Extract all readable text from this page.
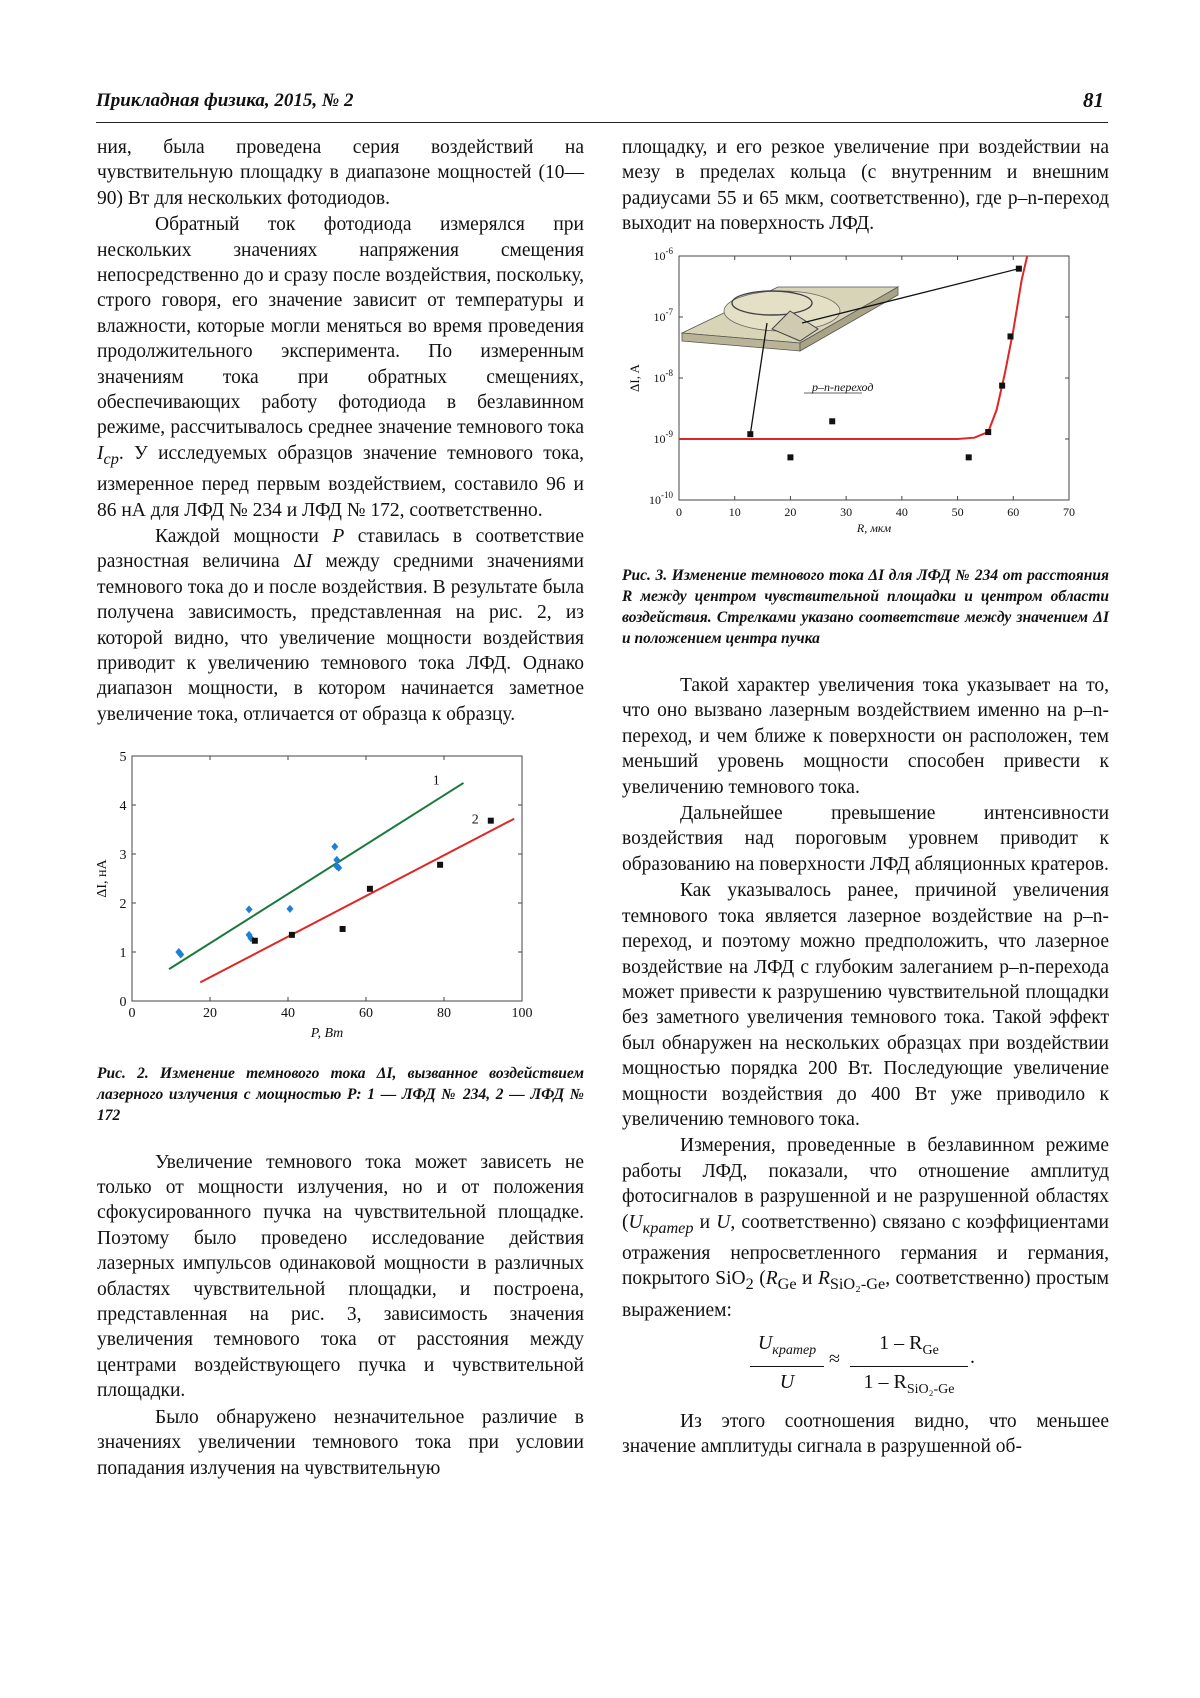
Прикладная физика, 2015, № 2	81

ния, была проведена серия воздействий на чувствительную площадку в диапазоне мощностей (10—90) Вт для нескольких фотодиодов.

Обратный ток фотодиода измерялся при нескольких значениях напряжения смещения непосредственно до и сразу после воздействия, поскольку, строго говоря, его значение зависит от температуры и влажности, которые могли меняться во время проведения продолжительного эксперимента. По измеренным значениям тока при обратных смещениях, обеспечивающих работу фотодиода в безлавинном режиме, рассчитывалось среднее значение темнового тока $I_{ср}$. У исследуемых образцов значение темнового тока, измеренное перед первым воздействием, составило 96 и 86 нА для ЛФД № 234 и ЛФД № 172, соответственно.

Каждой мощности P ставилась в соответствие разностная величина ΔI между средними значениями темнового тока до и после воздействия. В результате была получена зависимость, представленная на рис. 2, из которой видно, что увеличение мощности воздействия приводит к увеличению темнового тока ЛФД. Однако диапазон мощности, в котором начинается заметное увеличение тока, отличается от образца к образцу.

0	20	40	60	80	100
0
1
2
3
4
5
P, Вт
ΔI, нА
1
2
Рис. 2. Изменение темнового тока ΔI, вызванное воздействием лазерного излучения с мощностью P: 1 — ЛФД № 234, 2 — ЛФД № 172

Увеличение темнового тока может зависеть не только от мощности излучения, но и от положения сфокусированного пучка на чувствительной площадке. Поэтому было проведено исследование действия лазерных импульсов одинаковой мощности в различных областях чувствительной площадки, и построена, представленная на рис. 3, зависимость значения увеличения темнового тока от расстояния между центрами воздействующего пучка и чувствительной площадки.

Было обнаружено незначительное различие в значениях увеличении темнового тока при условии попадания излучения на чувствительную

площадку, и его резкое увеличение при воздействии на мезу в пределах кольца (с внутренним и внешним радиусами 55 и 65 мкм, соответственно), где p–n-переход выходит на поверхность ЛФД.

0	10	20	30	40	50	60	70
$10^{-10}$
$10^{-9}$
$10^{-8}$
$10^{-7}$
$10^{-6}$
R, мкм
ΔI, A	p–n-переход
Рис. 3. Изменение темнового тока ΔI для ЛФД № 234 от расстояния R между центром чувствительной площадки и центром области воздействия. Стрелками указано соответствие между значением ΔI и положением центра пучка

Такой характер увеличения тока указывает на то, что оно вызвано лазерным воздействием именно на p–n-переход, и чем ближе к поверхности он расположен, тем меньший уровень мощности способен привести к увеличению темнового тока.

Дальнейшее превышение интенсивности воздействия над пороговым уровнем приводит к образованию на поверхности ЛФД абляционных кратеров.

Как указывалось ранее, причиной увеличения темнового тока является лазерное воздействие на p–n-переход, и поэтому можно предположить, что лазерное воздействие на ЛФД с глубоким залеганием p–n-перехода может привести к разрушению чувствительной площадки без заметного увеличения темнового тока. Такой эффект был обнаружен на нескольких образцах при воздействии мощностью порядка 200 Вт. Последующие увеличение мощности воздействия до 400 Вт уже приводило к увеличению темнового тока.

Измерения, проведенные в безлавинном режиме работы ЛФД, показали, что отношение амплитуд фотосигналов в разрушенной и не разрушенной областях ($U_{кратер}$ и U, соответственно) связано с коэффициентами отражения непросветленного германия и германия, покрытого SiO$_2$ ($R_{Ge}$ и $R_{SiO_2-Ge}$, соответственно) простым выражением:

$U_{кратер}$
U
≈
$1 - R_{Ge}$
$1 - R_{SiO_2-Ge}$
.

Из этого соотношения видно, что меньшее значение амплитуды сигнала в разрушенной об-
